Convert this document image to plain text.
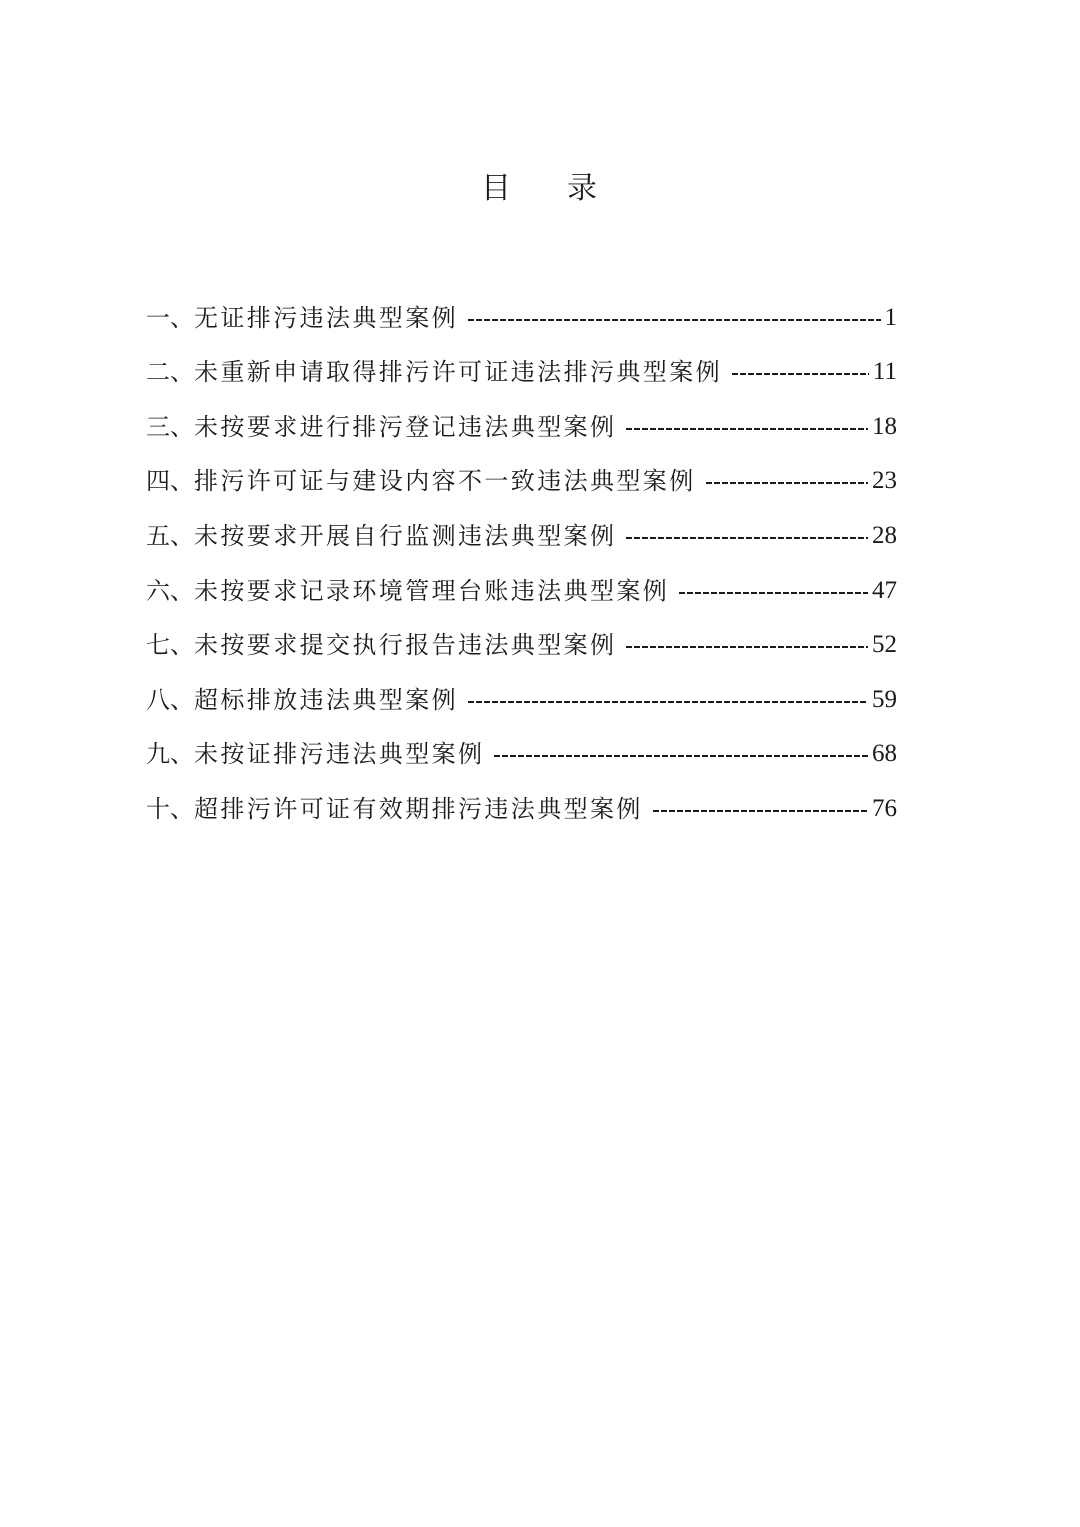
目 录
一、 无证排污违法典型案例	1
二、 未重新申请取得排污许可证违法排污典型案例	11
三、 未按要求进行排污登记违法典型案例	18
四、 排污许可证与建设内容不一致违法典型案例	23
五、 未按要求开展自行监测违法典型案例	28
六、 未按要求记录环境管理台账违法典型案例	47
七、 未按要求提交执行报告违法典型案例	52
八、 超标排放违法典型案例	59
九、 未按证排污违法典型案例	68
十、 超排污许可证有效期排污违法典型案例	76
